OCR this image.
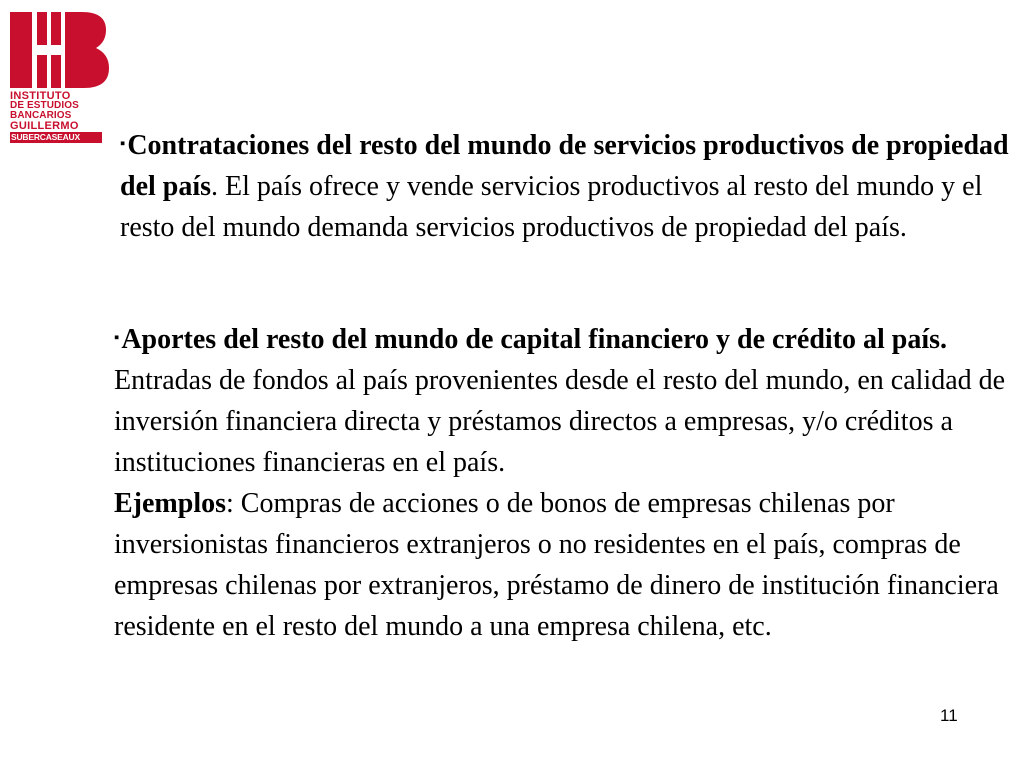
INSTITUTO
DE ESTUDIOS
BANCARIOS
GUILLERMO
SUBERCASEAUX	▪Contrataciones del resto del mundo de servicios productivos de propiedad del país. El país ofrece y vende servicios productivos al resto del mundo y el resto del mundo demanda servicios productivos de propiedad del país.

▪Aportes del resto del mundo de capital financiero y de crédito al país. Entradas de fondos al país provenientes desde el resto del mundo, en calidad de inversión financiera directa y préstamos directos a empresas, y/o créditos a instituciones financieras en el país.

Ejemplos: Compras de acciones o de bonos de empresas chilenas por inversionistas financieros extranjeros o no residentes en el país, compras de empresas chilenas por extranjeros, préstamo de dinero de institución financiera residente en el resto del mundo a una empresa chilena, etc.

11
